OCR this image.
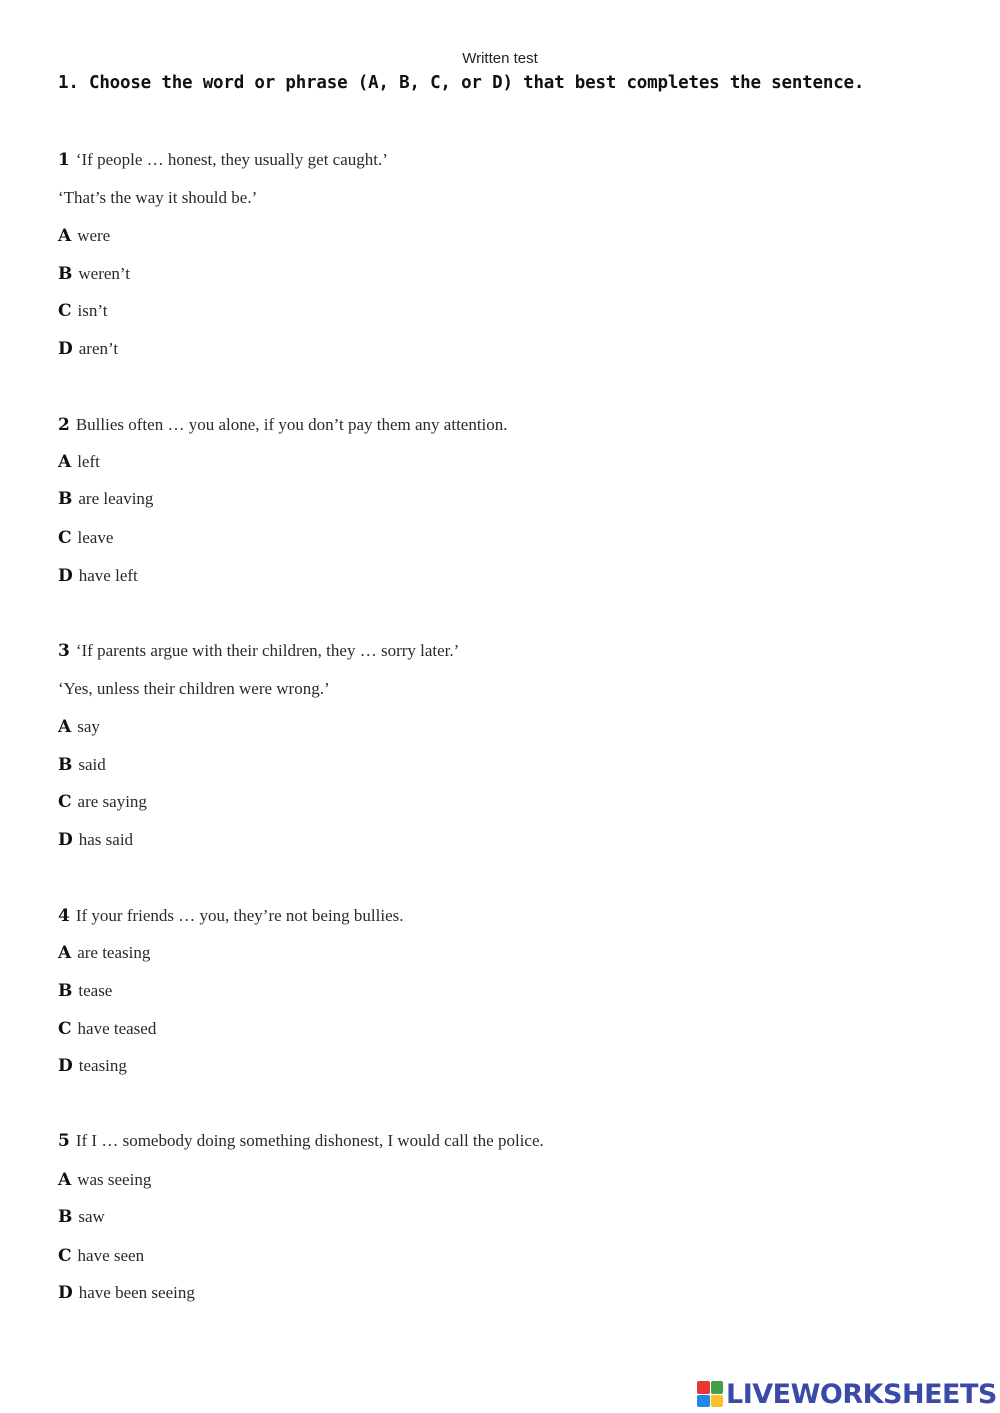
Written test
1. Choose the word or phrase (A, B, C, or D) that best completes the sentence.
1 ‘If people … honest, they usually get caught.’
‘That’s the way it should be.’
A were
B weren’t
C isn’t
D aren’t
2 Bullies often … you alone, if you don’t pay them any attention.
A left
B are leaving
C leave
D have left
3 ‘If parents argue with their children, they … sorry later.’
‘Yes, unless their children were wrong.’
A say
B said
C are saying
D has said
4 If your friends … you, they’re not being bullies.
A are teasing
B tease
C have teased
D teasing
5 If I … somebody doing something dishonest, I would call the police.
A was seeing
B saw
C have seen
D have been seeing
LIVEWORKSHEETS
